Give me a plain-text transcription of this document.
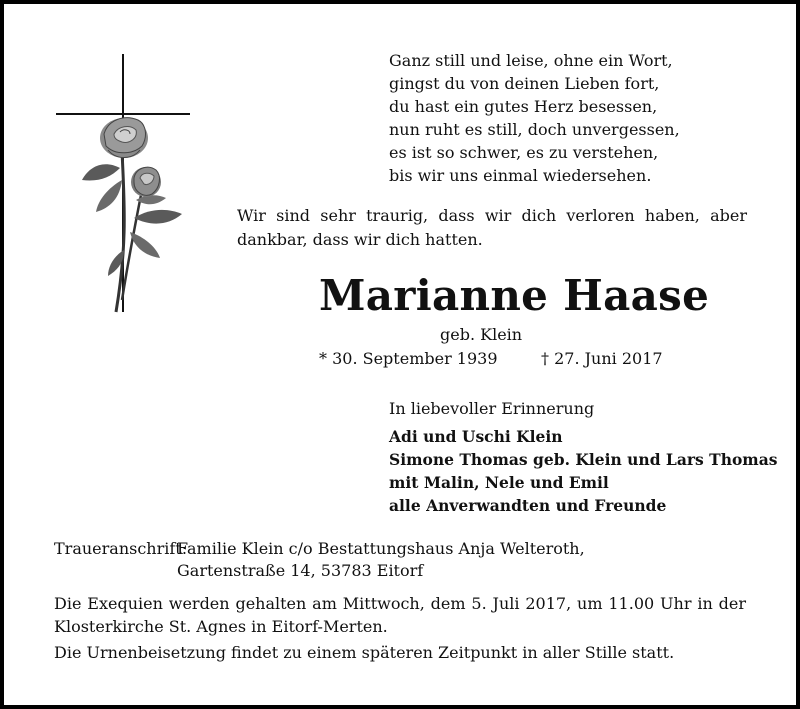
Ganz still und leise, ohne ein Wort,
gingst du von deinen Lieben fort,
du hast ein gutes Herz besessen,
nun ruht es still, doch unvergessen,
es ist so schwer, es zu verstehen,
bis wir uns einmal wiedersehen.

Wir sind sehr traurig, dass wir dich verloren haben, aber dankbar, dass wir dich hatten.

Marianne Haase
geb. Klein
* 30. September 1939	† 27. Juni 2017
In liebevoller Erinnerung
Adi und Uschi Klein
Simone Thomas geb. Klein und Lars Thomas
mit Malin, Nele und Emil
alle Anverwandten und Freunde
Traueranschrift:
Familie Klein c/o Bestattungshaus Anja Welteroth,
Gartenstraße 14, 53783 Eitorf

Die Exequien werden gehalten am Mittwoch, dem 5. Juli 2017, um 11.00 Uhr in der Klosterkirche St. Agnes in Eitorf-Merten.

Die Urnenbeisetzung findet zu einem späteren Zeitpunkt in aller Stille statt.
